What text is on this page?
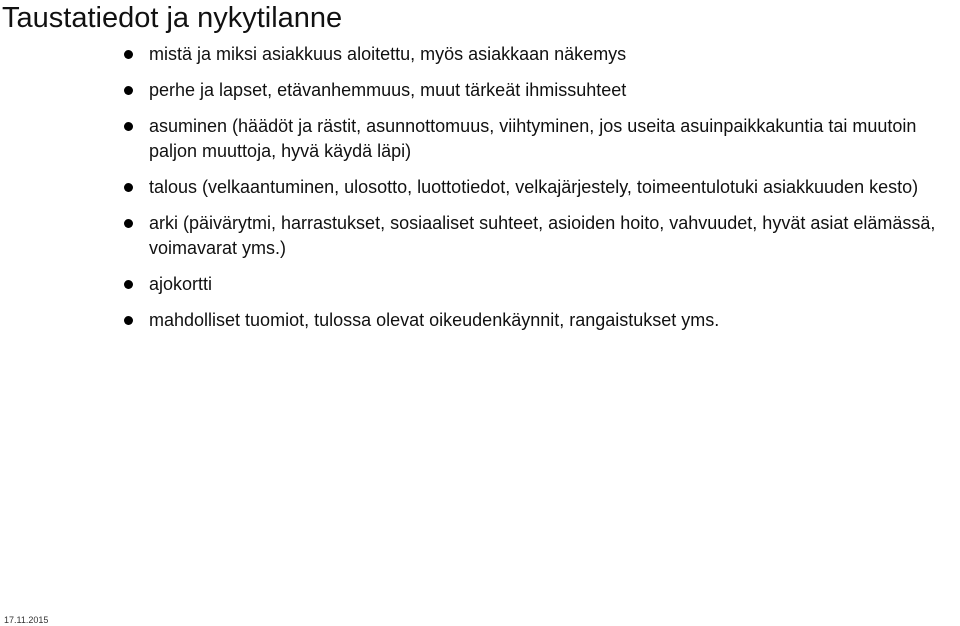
Taustatiedot ja nykytilanne
mistä ja miksi asiakkuus aloitettu, myös asiakkaan näkemys
perhe ja lapset, etävanhemmuus, muut tärkeät ihmissuhteet
asuminen (häädöt ja rästit, asunnottomuus, viihtyminen, jos useita asuinpaikkakuntia tai muutoin paljon muuttoja, hyvä käydä läpi)
talous (velkaantuminen, ulosotto, luottotiedot, velkajärjestely, toimeentulotuki asiakkuuden kesto)
arki (päivärytmi, harrastukset, sosiaaliset suhteet, asioiden hoito, vahvuudet, hyvät asiat elämässä, voimavarat yms.)
ajokortti
mahdolliset tuomiot, tulossa olevat oikeudenkäynnit, rangaistukset yms.
17.11.2015
